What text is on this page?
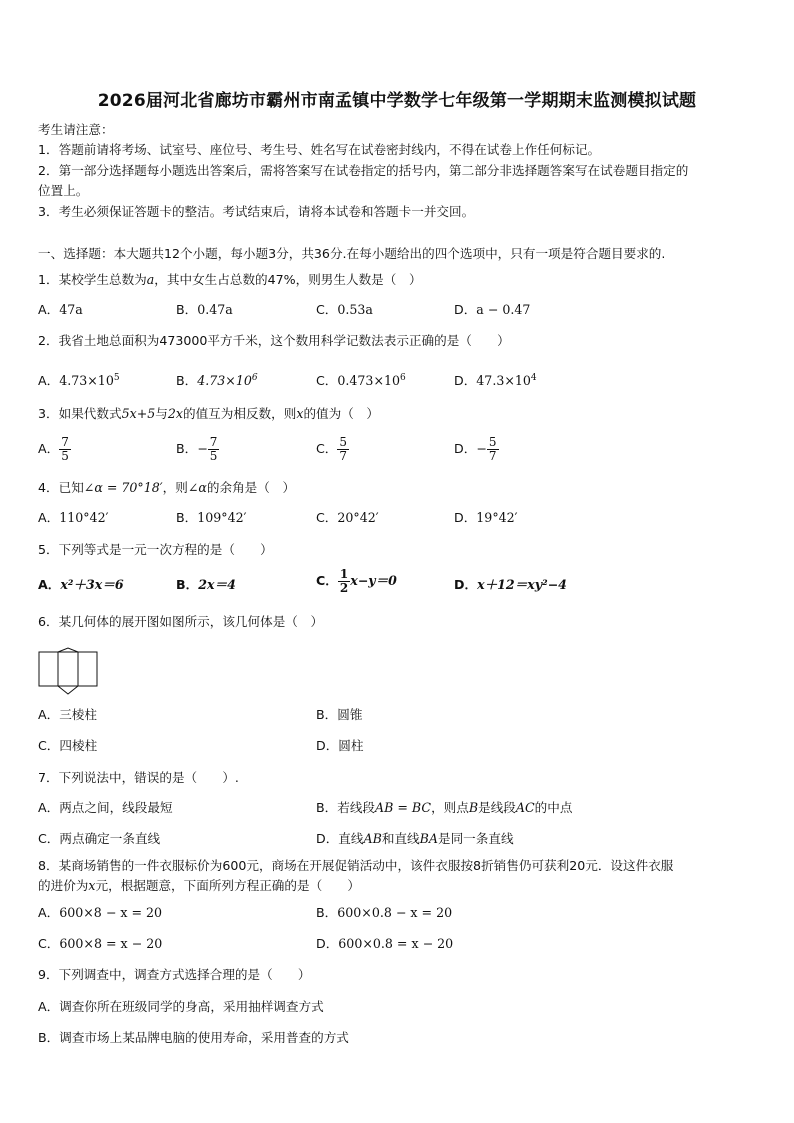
2026届河北省廊坊市霸州市南孟镇中学数学七年级第一学期期末监测模拟试题
考生请注意：
1．答题前请将考场、试室号、座位号、考生号、姓名写在试卷密封线内，不得在试卷上作任何标记。
2．第一部分选择题每小题选出答案后，需将答案写在试卷指定的括号内，第二部分非选择题答案写在试卷题目指定的
位置上。
3．考生必须保证答题卡的整洁。考试结束后，请将本试卷和答题卡一并交回。
一、选择题：本大题共12个小题，每小题3分，共36分.在每小题给出的四个选项中，只有一项是符合题目要求的.
1．某校学生总数为a，其中女生占总数的47%，则男生人数是（　）
A．47a	B．0.47a	C．0.53a	D．a − 0.47
2．我省土地总面积为473000平方千米，这个数用科学记数法表示正确的是（　　）
A．$4.73\times 10^5$	B．$4.73\times 10^6$	C．$0.473\times 10^6$	D．$47.3\times 10^4$
3．如果代数式5x+5与2x的值互为相反数，则x的值为（　）
A． $\frac{7}{5}$	B．− $\frac{7}{5}$	C． $\frac{5}{7}$	D．− $\frac{5}{7}$
4．已知∠α = 70°18′，则∠α的余角是（　）
A．110°42′	B．109°42′	C．20°42′	D．19°42′
5．下列等式是一元一次方程的是（　　）
A．x²＋3x＝6	B．2x＝4	C． $\frac{1}{2} x-y=0$	D．x＋12＝xy²−4
6．某几何体的展开图如图所示，该几何体是（　）
A．三棱柱	B．圆锥
C．四棱柱	D．圆柱
7．下列说法中，错误的是（　　）.
A．两点之间，线段最短	B．若线段AB = BC，则点B是线段AC的中点
C．两点确定一条直线	D．直线AB和直线BA是同一条直线
8．某商场销售的一件衣服标价为600元，商场在开展促销活动中，该件衣服按8折销售仍可获利20元．设这件衣服
的进价为x元，根据题意，下面所列方程正确的是（　　）
A．600×8 − x = 20	B．600×0.8 − x = 20
C．600×8 = x − 20	D．600×0.8 = x − 20
9．下列调查中，调查方式选择合理的是（　　）
A．调查你所在班级同学的身高，采用抽样调查方式
B．调查市场上某品牌电脑的使用寿命，采用普查的方式
